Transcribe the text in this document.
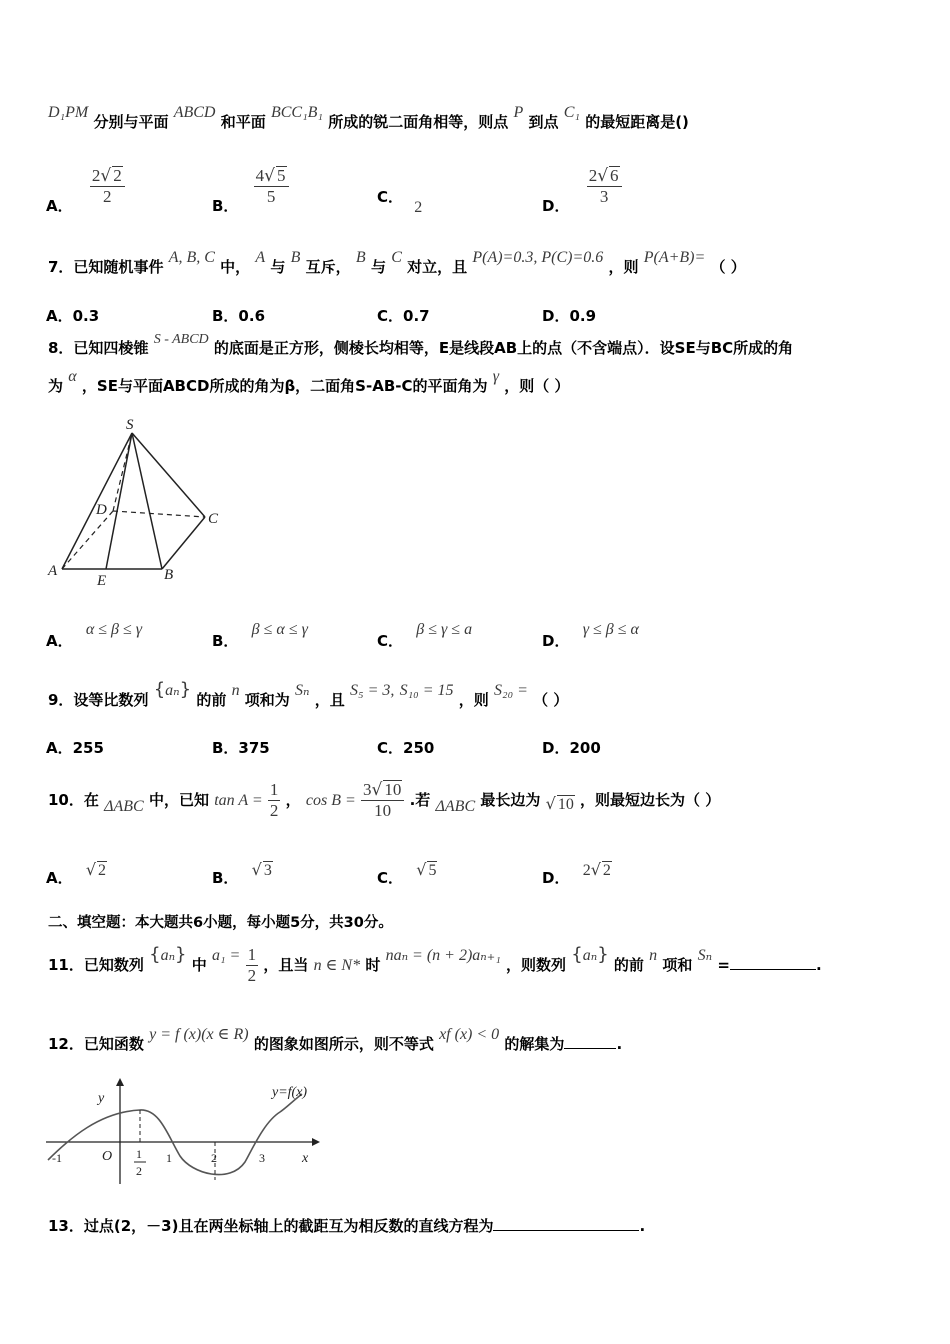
D₁PM 分别与平面 ABCD 和平面 BCC₁B₁ 所成的锐二面角相等，则点 P 到点 C₁ 的最短距离是()
A． $\frac{2√ 2}{2}$	B． $\frac{4√ 5}{5}$	C． 2	D． $\frac{2√ 6}{3}$
7．已知随机事件 A, B, C 中， A 与 B 互斥， B 与 C 对立，且 P(A)=0.3, P(C)=0.6 ，则 P(A+B)= （ ）
A．0.3	B．0.6	C．0.7	D．0.9
8．已知四棱锥 S - ABCD 的底面是正方形，侧棱长均相等，E是线段AB上的点（不含端点）．设SE与BC所成的角
为 α ，SE与平面ABCD所成的角为β，二面角S-AB-C的平面角为 γ ，则（ ）
S
D
C
A
E	B
A． α ≤ β ≤ γ
B． β ≤ α ≤ γ
C． β ≤ γ ≤ a
D． γ ≤ β ≤ α
9．设等比数列 {aₙ} 的前 n 项和为 Sₙ ，且 S₅ = 3, S₁₀ = 15 ，则 S₂₀ = （ ）
A．255	B．375	C．250	D．200
10．在 ΔABC 中，已知 $\tan A = \frac{1}{2}$ ， $\cos B = \frac{3√ 10}{10}$ .若 ΔABC 最长边为 √ 10 ，则最短边长为（ ）
A． √ 2	B． √ 3	C． √ 5	D． 2√ 2
二、填空题：本大题共6小题，每小题5分，共30分。
11．已知数列 {aₙ} 中 $a_1 = \frac{1}{2}$ ，且当 n ∈ N* 时 naₙ = (n + 2)aₙ₊₁ ，则数列 {aₙ} 的前 n 项和 Sₙ =	.
12．已知函数 y = f (x)(x ∈ R) 的图象如图所示，则不等式 xf (x) < 0 的解集为	.
y=f(x)
y
x
O
-1	1	2	3
1
2
13．过点(2，－3)且在两坐标轴上的截距互为相反数的直线方程为	.
